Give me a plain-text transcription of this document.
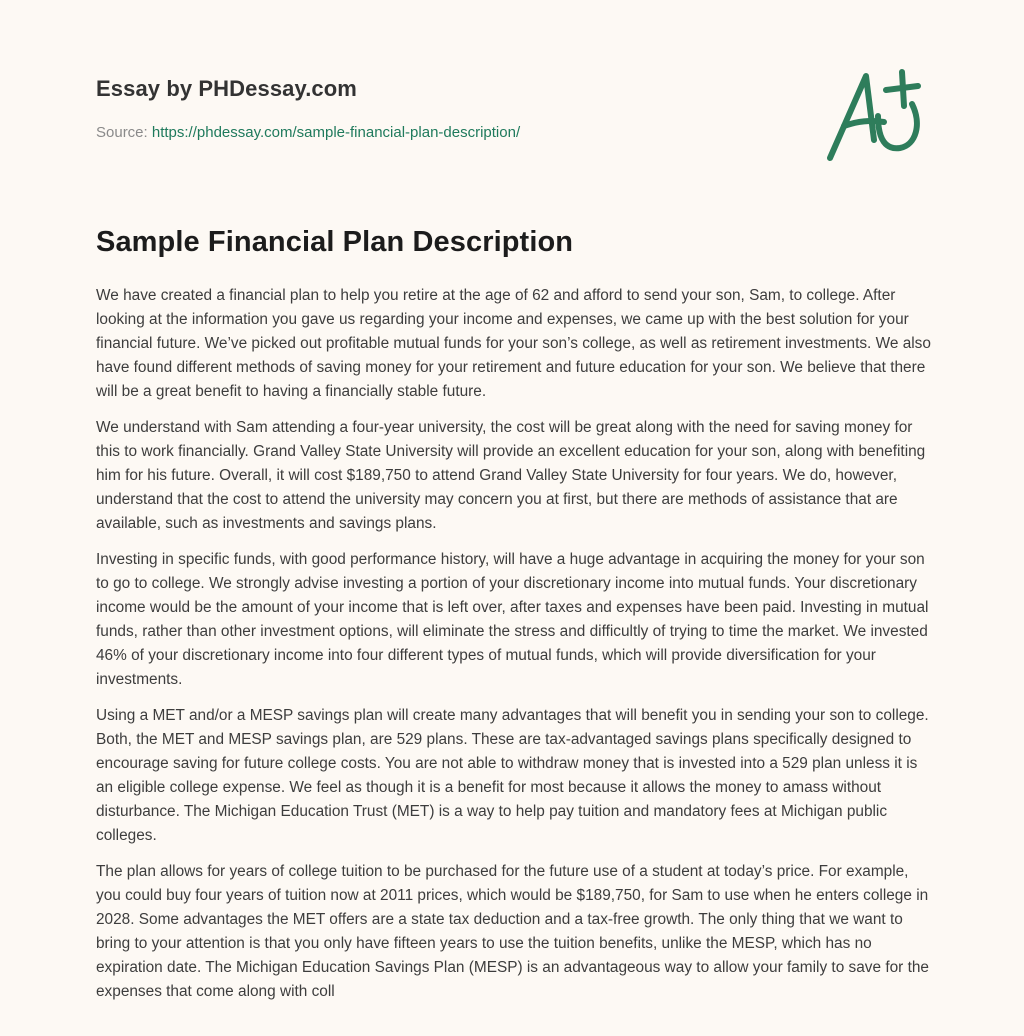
Essay by PHDessay.com
Source: https://phdessay.com/sample-financial-plan-description/
Sample Financial Plan Description

We have created a financial plan to help you retire at the age of 62 and afford to send your son, Sam, to college. After looking at the information you gave us regarding your income and expenses, we came up with the best solution for your financial future. We’ve picked out profitable mutual funds for your son’s college, as well as retirement investments. We also have found different methods of saving money for your retirement and future education for your son. We believe that there will be a great benefit to having a financially stable future.

We understand with Sam attending a four-year university, the cost will be great along with the need for saving money for this to work financially. Grand Valley State University will provide an excellent education for your son, along with benefiting him for his future. Overall, it will cost $189,750 to attend Grand Valley State University for four years. We do, however, understand that the cost to attend the university may concern you at first, but there are methods of assistance that are available, such as investments and savings plans.

Investing in specific funds, with good performance history, will have a huge advantage in acquiring the money for your son to go to college. We strongly advise investing a portion of your discretionary income into mutual funds. Your discretionary income would be the amount of your income that is left over, after taxes and expenses have been paid. Investing in mutual funds, rather than other investment options, will eliminate the stress and difficultly of trying to time the market. We invested 46% of your discretionary income into four different types of mutual funds, which will provide diversification for your investments.

Using a MET and/or a MESP savings plan will create many advantages that will benefit you in sending your son to college. Both, the MET and MESP savings plan, are 529 plans. These are tax-advantaged savings plans specifically designed to encourage saving for future college costs. You are not able to withdraw money that is invested into a 529 plan unless it is an eligible college expense. We feel as though it is a benefit for most because it allows the money to amass without disturbance. The Michigan Education Trust (MET) is a way to help pay tuition and mandatory fees at Michigan public colleges.

The plan allows for years of college tuition to be purchased for the future use of a student at today’s price. For example, you could buy four years of tuition now at 2011 prices, which would be $189,750, for Sam to use when he enters college in 2028. Some advantages the MET offers are a state tax deduction and a tax-free growth. The only thing that we want to bring to your attention is that you only have fifteen years to use the tuition benefits, unlike the MESP, which has no expiration date. The Michigan Education Savings Plan (MESP) is an advantageous way to allow your family to save for the expenses that come along with coll
